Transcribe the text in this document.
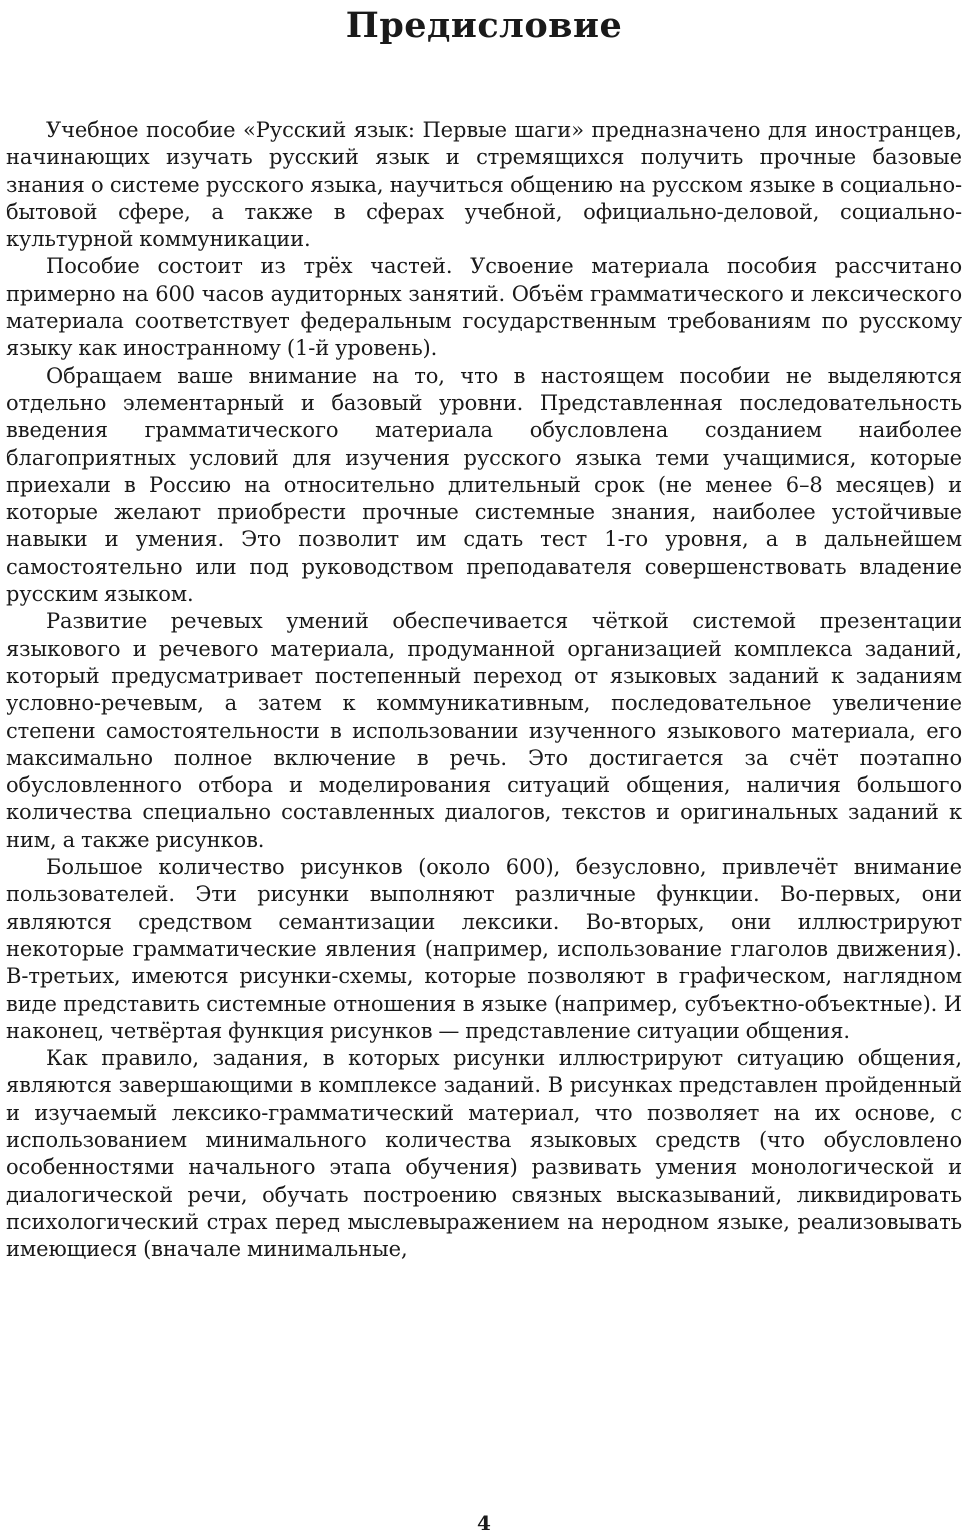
Предисловие

Учебное пособие «Русский язык: Первые шаги» предназначено для иностранцев, начинающих изучать русский язык и стремящихся получить прочные базовые знания о системе русского языка, научиться общению на русском языке в социально-бытовой сфере, а также в сферах учебной, официально-деловой, социально-культурной коммуникации.

Пособие состоит из трёх частей. Усвоение материала пособия рассчитано примерно на 600 часов аудиторных занятий. Объём грамматического и лексического материала соответствует федеральным государственным требованиям по русскому языку как иностранному (1-й уровень).

Обращаем ваше внимание на то, что в настоящем пособии не выделяются отдельно элементарный и базовый уровни. Представленная последовательность введения грамматического материала обусловлена созданием наиболее благоприятных условий для изучения русского языка теми учащимися, которые приехали в Россию на относительно длительный срок (не менее 6–8 месяцев) и которые желают приобрести прочные системные знания, наиболее устойчивые навыки и умения. Это позволит им сдать тест 1-го уровня, а в дальнейшем самостоятельно или под руководством преподавателя совершенствовать владение русским языком.

Развитие речевых умений обеспечивается чёткой системой презентации языкового и речевого материала, продуманной организацией комплекса заданий, который предусматривает постепенный переход от языковых заданий к заданиям условно-речевым, а затем к коммуникативным, последовательное увеличение степени самостоятельности в использовании изученного языкового материала, его максимально полное включение в речь. Это достигается за счёт поэтапно обусловленного отбора и моделирования ситуаций общения, наличия большого количества специально составленных диалогов, текстов и оригинальных заданий к ним, а также рисунков.

Большое количество рисунков (около 600), безусловно, привлечёт внимание пользователей. Эти рисунки выполняют различные функции. Во-первых, они являются средством семантизации лексики. Во-вторых, они иллюстрируют некоторые грамматические явления (например, использование глаголов движения). В-третьих, имеются рисунки-схемы, которые позволяют в графическом, наглядном виде представить системные отношения в языке (например, субъектно-объектные). И наконец, четвёртая функция рисунков — представление ситуации общения.

Как правило, задания, в которых рисунки иллюстрируют ситуацию общения, являются завершающими в комплексе заданий. В рисунках представлен пройденный и изучаемый лексико-грамматический материал, что позволяет на их основе, с использованием минимального количества языковых средств (что обусловлено особенностями начального этапа обучения) развивать умения монологической и диалогической речи, обучать построению связных высказываний, ликвидировать психологический страх перед мыслевыражением на неродном языке, реализовывать имеющиеся (вначале минимальные,

4
